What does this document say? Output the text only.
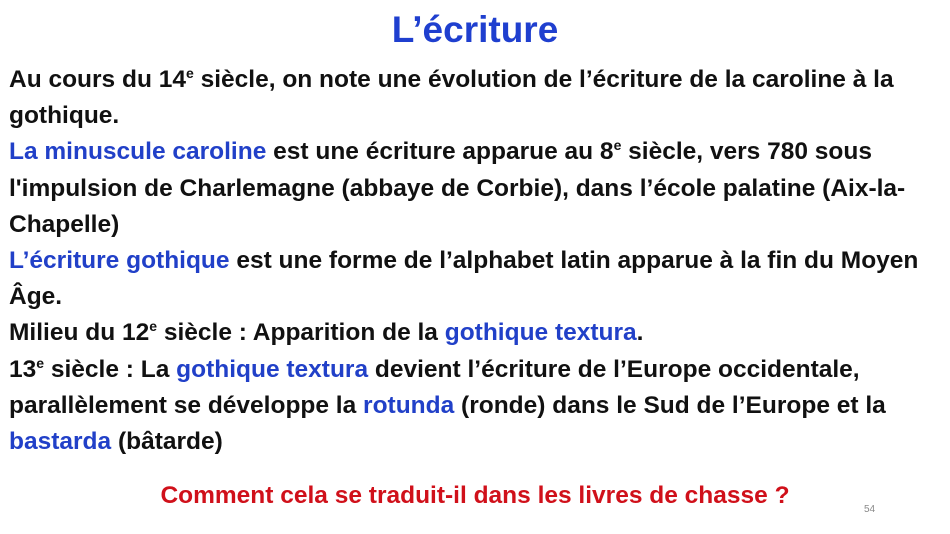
L’écriture

Au cours du 14e siècle, on note une évolution de l’écriture de la caroline à la gothique.

La minuscule caroline est une écriture apparue au 8e siècle, vers 780 sous l'impulsion de Charlemagne (abbaye de Corbie), dans l’école palatine (Aix-la-Chapelle)

L’écriture gothique est une forme de l’alphabet latin apparue à la fin du Moyen Âge.

Milieu du 12e siècle : Apparition de la gothique textura.

13e siècle : La gothique textura devient l’écriture de l’Europe occidentale, parallèlement se développe la rotunda (ronde) dans le Sud de l’Europe et la bastarda (bâtarde)

Comment cela se traduit-il dans les livres de chasse ?
54
